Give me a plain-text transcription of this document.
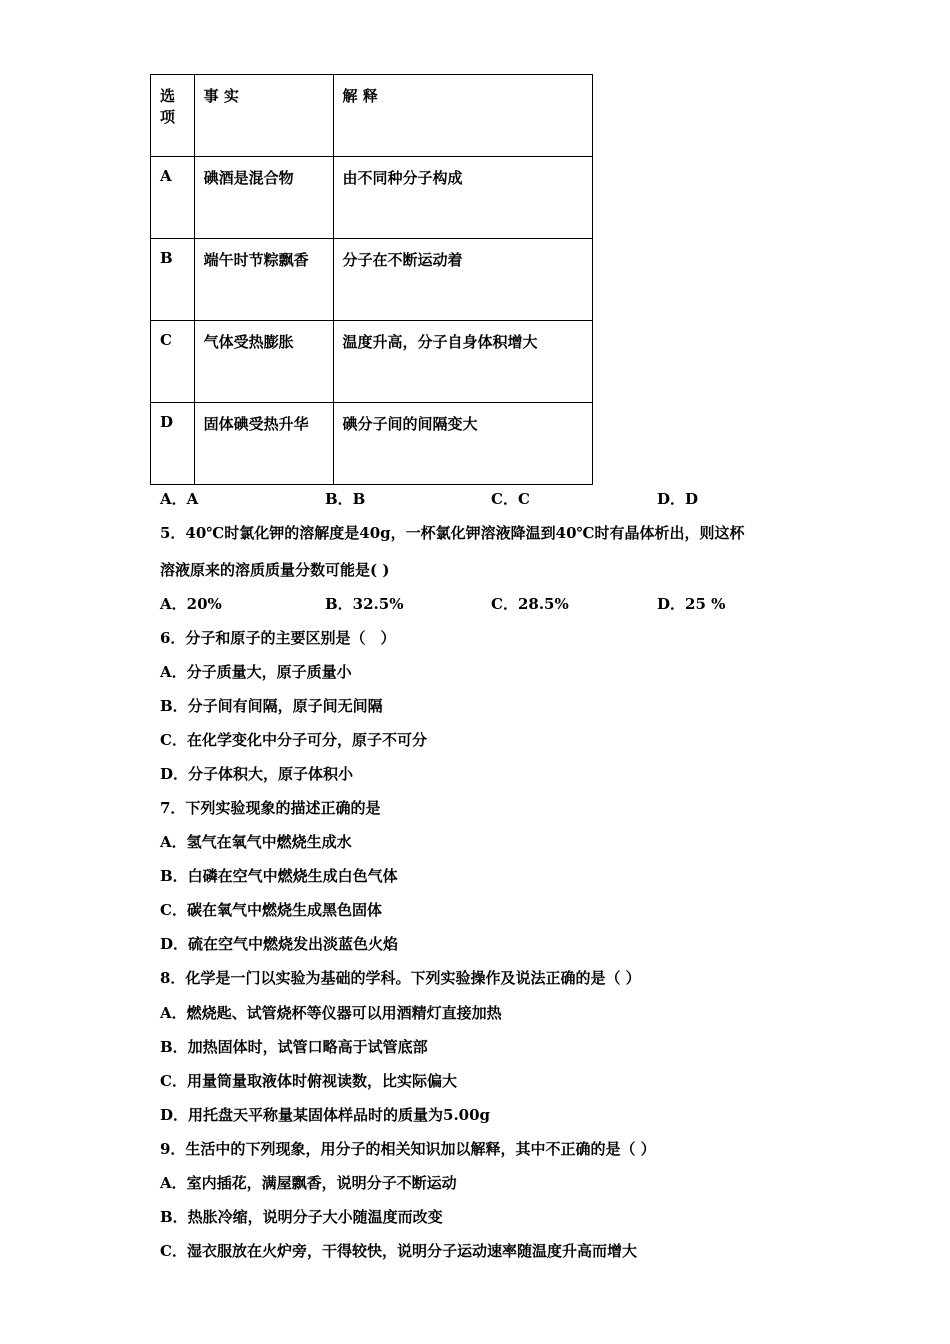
选项	事 实	解 释
A	碘酒是混合物	由不同种分子构成
B	端午时节粽飘香	分子在不断运动着
C	气体受热膨胀	温度升高，分子自身体积增大
D	固体碘受热升华	碘分子间的间隔变大
A．A	B．B	C．C	D．D
5．40℃时氯化钾的溶解度是40g，一杯氯化钾溶液降温到40℃时有晶体析出，则这杯
溶液原来的溶质质量分数可能是( )
A．20%	B．32.5%	C．28.5%	D．25 %
6．分子和原子的主要区别是（　）
A．分子质量大，原子质量小
B．分子间有间隔，原子间无间隔
C．在化学变化中分子可分，原子不可分
D．分子体积大，原子体积小
7．下列实验现象的描述正确的是
A．氢气在氧气中燃烧生成水
B．白磷在空气中燃烧生成白色气体
C．碳在氧气中燃烧生成黑色固体
D．硫在空气中燃烧发出淡蓝色火焰
8．化学是一门以实验为基础的学科。下列实验操作及说法正确的是（ ）
A．燃烧匙、试管烧杯等仪器可以用酒精灯直接加热
B．加热固体时，试管口略高于试管底部
C．用量筒量取液体时俯视读数，比实际偏大
D．用托盘天平称量某固体样品时的质量为5.00g
9．生活中的下列现象，用分子的相关知识加以解释，其中不正确的是（ ）
A．室内插花，满屋飘香，说明分子不断运动
B．热胀冷缩，说明分子大小随温度而改变
C．湿衣服放在火炉旁，干得较快，说明分子运动速率随温度升高而增大
